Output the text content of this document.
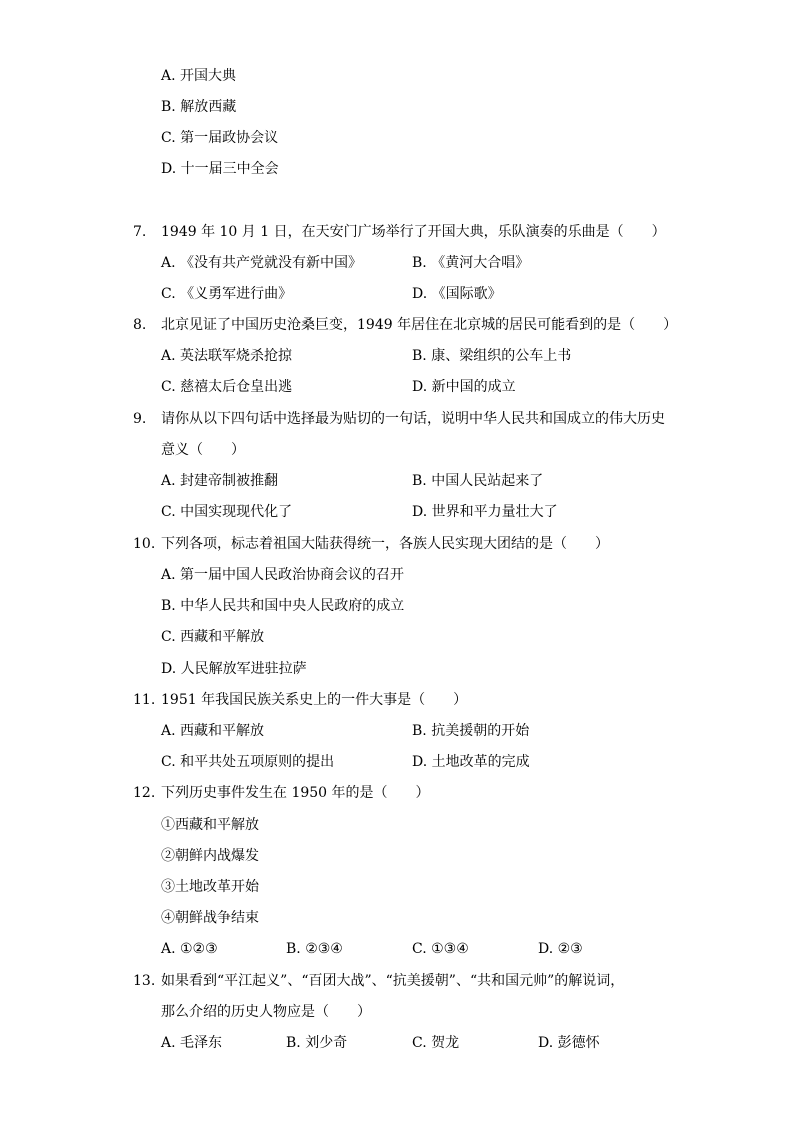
A. 开国大典
B. 解放西藏
C. 第一届政协会议
D. 十一届三中全会
7. 1949 年 10 月 1 日，在天安门广场举行了开国大典，乐队演奏的乐曲是（　　）
A. 《没有共产党就没有新中国》	B. 《黄河大合唱》
C. 《义勇军进行曲》	D. 《国际歌》
8. 北京见证了中国历史沧桑巨变，1949 年居住在北京城的居民可能看到的是（　　）
A. 英法联军烧杀抢掠	B. 康、梁组织的公车上书
C. 慈禧太后仓皇出逃	D. 新中国的成立
9. 请你从以下四句话中选择最为贴切的一句话，说明中华人民共和国成立的伟大历史
意义（　　）
A. 封建帝制被推翻	B. 中国人民站起来了
C. 中国实现现代化了	D. 世界和平力量壮大了
10. 下列各项，标志着祖国大陆获得统一，各族人民实现大团结的是（　　）
A. 第一届中国人民政治协商会议的召开
B. 中华人民共和国中央人民政府的成立
C. 西藏和平解放
D. 人民解放军进驻拉萨
11. 1951 年我国民族关系史上的一件大事是（　　）
A. 西藏和平解放	B. 抗美援朝的开始
C. 和平共处五项原则的提出	D. 土地改革的完成
12. 下列历史事件发生在 1950 年的是（　　）
①西藏和平解放
②朝鲜内战爆发
③土地改革开始
④朝鲜战争结束
A. ①②③	B. ②③④	C. ①③④	D. ②③
13. 如果看到“平江起义”、“百团大战”、“抗美援朝”、“共和国元帅”的解说词，
那么介绍的历史人物应是（　　）
A. 毛泽东	B. 刘少奇	C. 贺龙	D. 彭德怀
